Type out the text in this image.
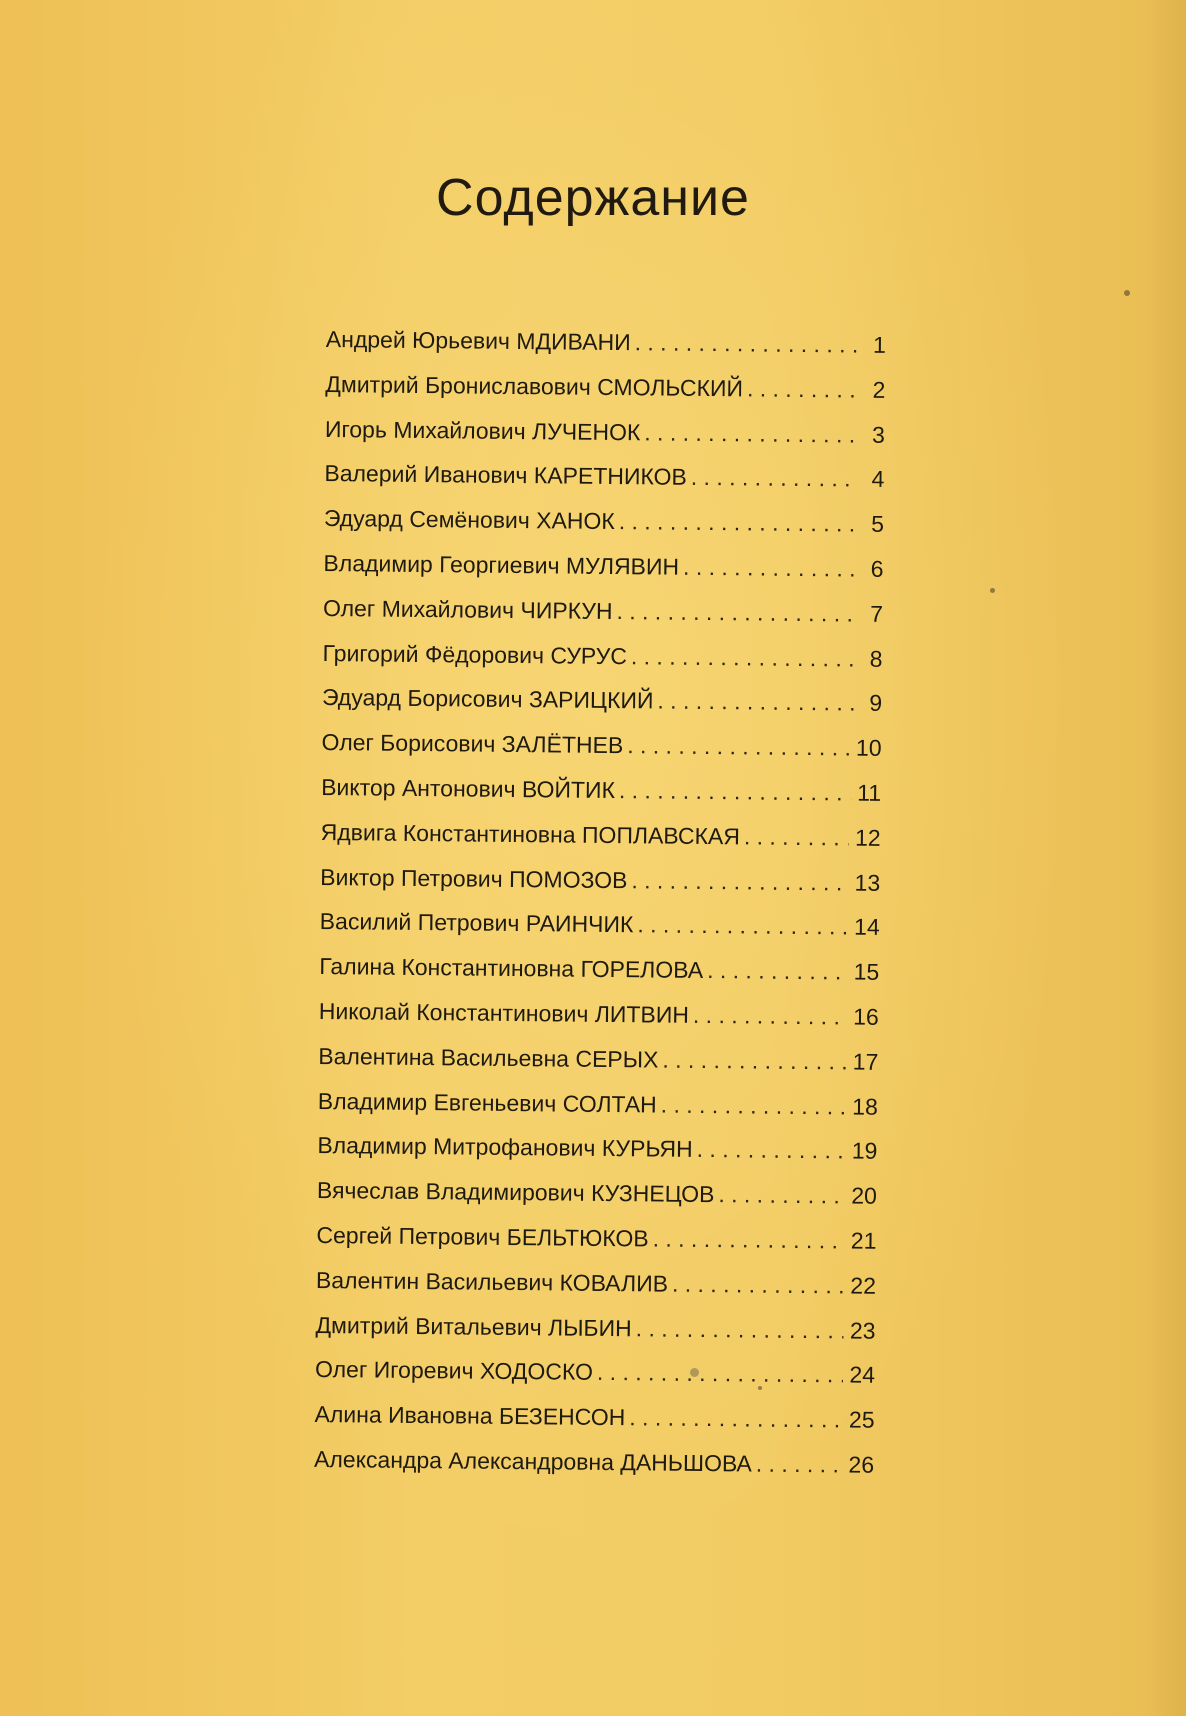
Содержание
Андрей Юрьевич МДИВАНИ . . .	1
Дмитрий Брониславович СМОЛЬСКИЙ . . .	2
Игорь Михайлович ЛУЧЕНОК . . .	3
Валерий Иванович КАРЕТНИКОВ . . .	4
Эдуард Семёнович ХАНОК . . .	5
Владимир Георгиевич МУЛЯВИН . . .	6
Олег Михайлович ЧИРКУН . . .	7
Григорий Фёдорович СУРУС . . .	8
Эдуард Борисович ЗАРИЦКИЙ . . .	9
Олег Борисович ЗАЛЁТНЕВ . . .	10
Виктор Антонович ВОЙТИК . . .	11
Ядвига Константиновна ПОПЛАВСКАЯ . . .	12
Виктор Петрович ПОМОЗОВ . . .	13
Василий Петрович РАИНЧИК . . .	14
Галина Константиновна ГОРЕЛОВА . . .	15
Николай Константинович ЛИТВИН . . .	16
Валентина Васильевна СЕРЫХ . . .	17
Владимир Евгеньевич СОЛТАН . . .	18
Владимир Митрофанович КУРЬЯН . . .	19
Вячеслав Владимирович КУЗНЕЦОВ . . .	20
Сергей Петрович БЕЛЬТЮКОВ . . .	21
Валентин Васильевич КОВАЛИВ . . .	22
Дмитрий Витальевич ЛЫБИН . . .	23
Олег Игоревич ХОДОСКО . . .	24
Алина Ивановна БЕЗЕНСОН . . .	25
Александра Александровна ДАНЬШОВА . . .	26
